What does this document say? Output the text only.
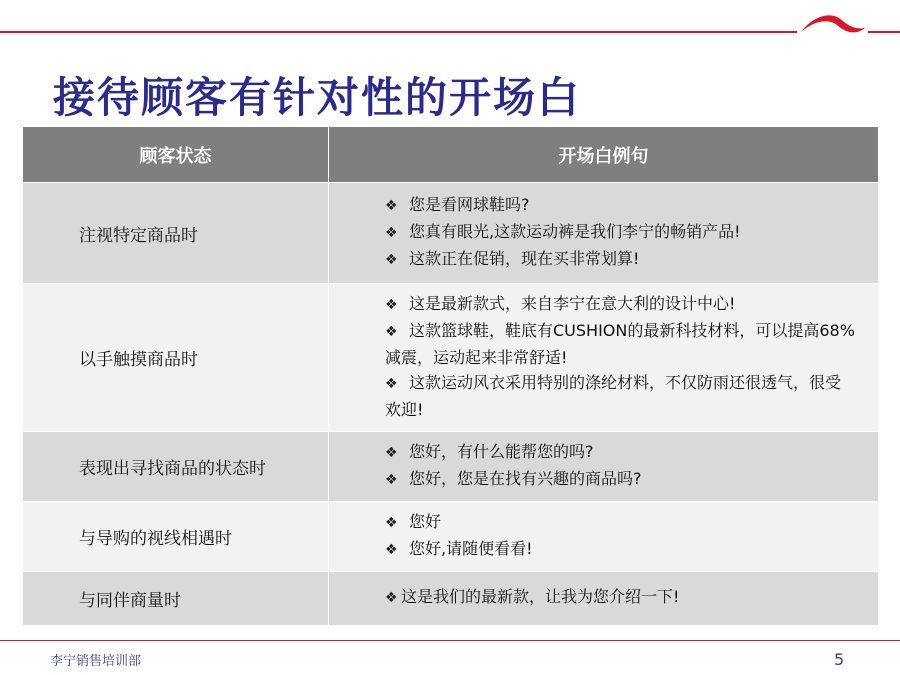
接待顾客有针对性的开场白
顾客状态	开场白例句
注视特定商品时	❖ 您是看网球鞋吗?
❖ 您真有眼光,这款运动裤是我们李宁的畅销产品!
❖ 这款正在促销，现在买非常划算!

以手触摸商品时	❖ 这是最新款式，来自李宁在意大利的设计中心!
❖ 这款篮球鞋，鞋底有CUSHION的最新科技材料，可以提高68%减震，运动起来非常舒适!
❖ 这款运动风衣采用特别的涤纶材料，不仅防雨还很透气，很受欢迎!

表现出寻找商品的状态时	❖ 您好，有什么能帮您的吗?
❖ 您好，您是在找有兴趣的商品吗?

与导购的视线相遇时	❖ 您好
❖ 您好,请随便看看!

与同伴商量时	❖ 这是我们的最新款，让我为您介绍一下!
李宁销售培训部	5
